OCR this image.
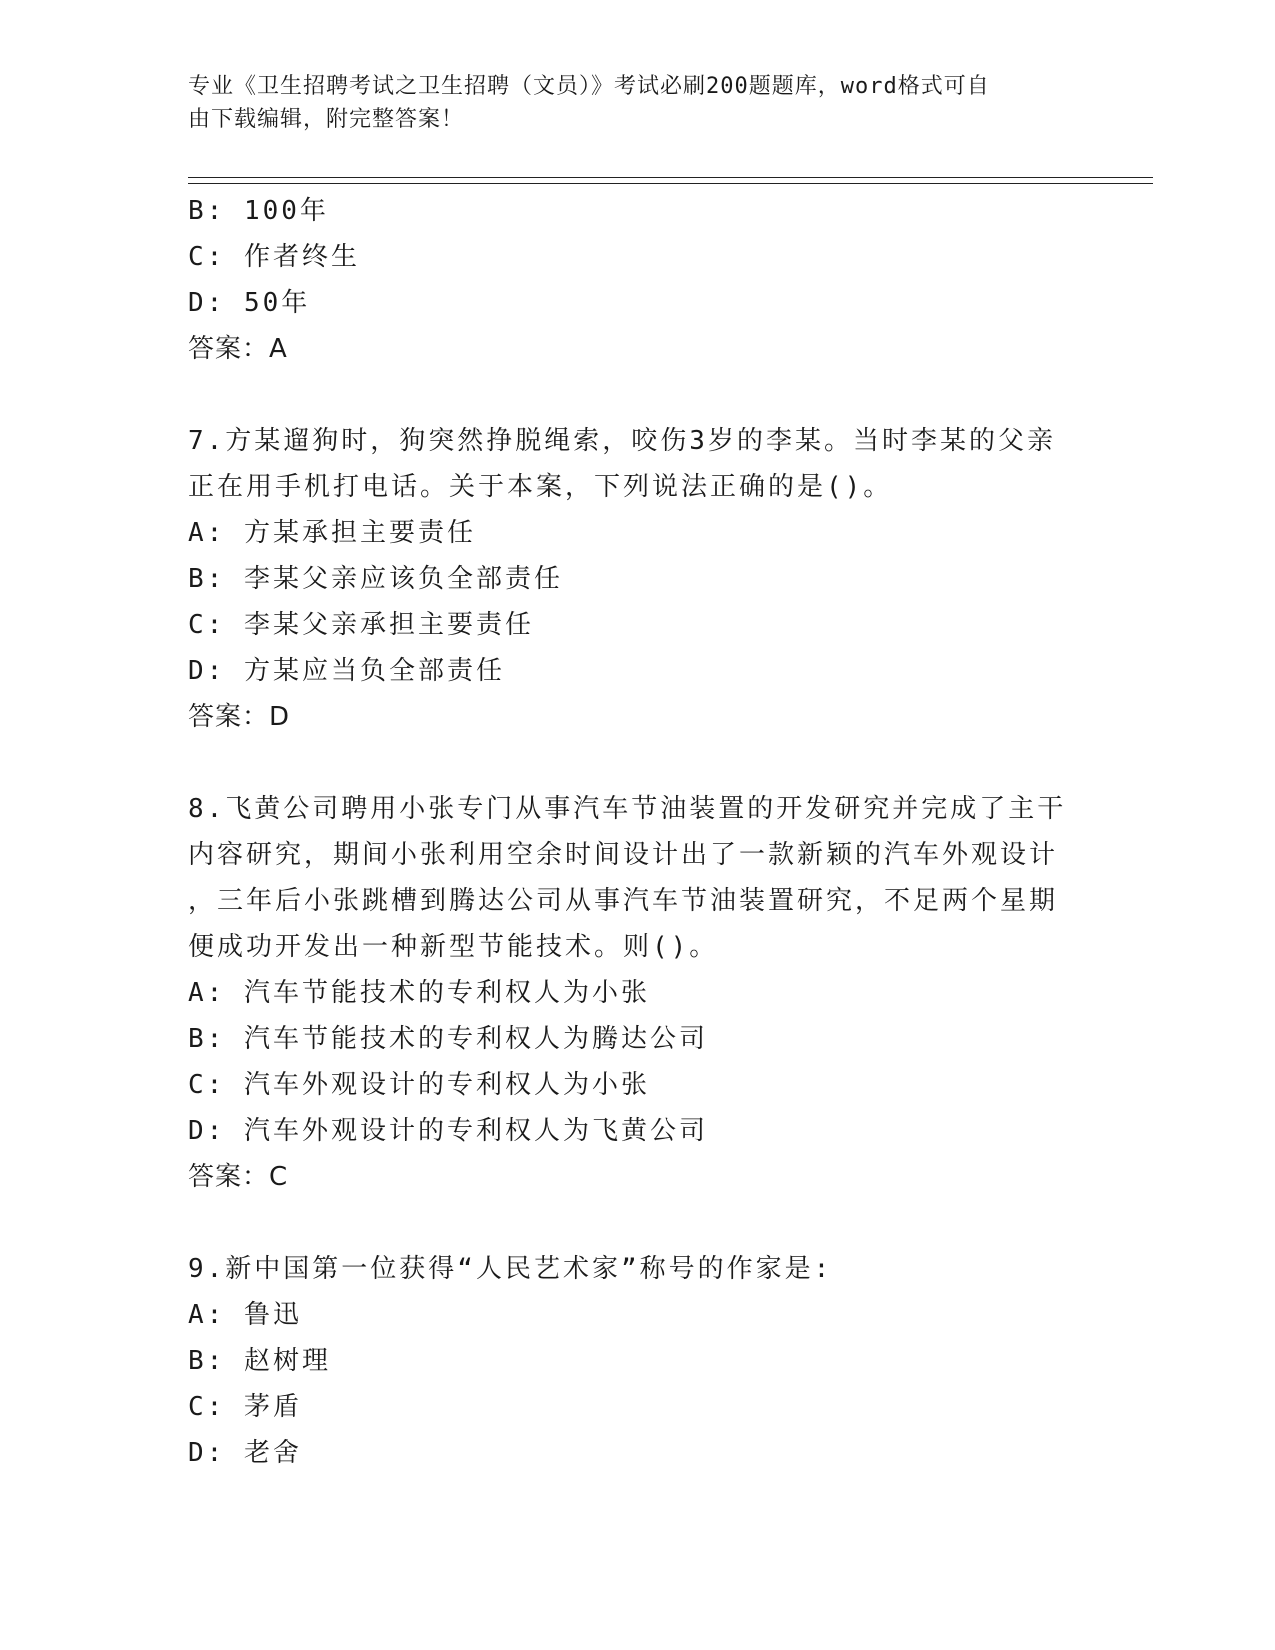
专业《卫生招聘考试之卫生招聘（文员）》考试必刷200题题库，word格式可自
由下载编辑，附完整答案！
B: 100年
C: 作者终生
D: 50年
答案：A
7.方某遛狗时，狗突然挣脱绳索，咬伤3岁的李某。当时李某的父亲
正在用手机打电话。关于本案，下列说法正确的是()。
A: 方某承担主要责任
B: 李某父亲应该负全部责任
C: 李某父亲承担主要责任
D: 方某应当负全部责任
答案：D
8.飞黄公司聘用小张专门从事汽车节油装置的开发研究并完成了主干
内容研究，期间小张利用空余时间设计出了一款新颖的汽车外观设计
，三年后小张跳槽到腾达公司从事汽车节油装置研究，不足两个星期
便成功开发出一种新型节能技术。则()。
A: 汽车节能技术的专利权人为小张
B: 汽车节能技术的专利权人为腾达公司
C: 汽车外观设计的专利权人为小张
D: 汽车外观设计的专利权人为飞黄公司
答案：C
9.新中国第一位获得“人民艺术家”称号的作家是:
A: 鲁迅
B: 赵树理
C: 茅盾
D: 老舍
